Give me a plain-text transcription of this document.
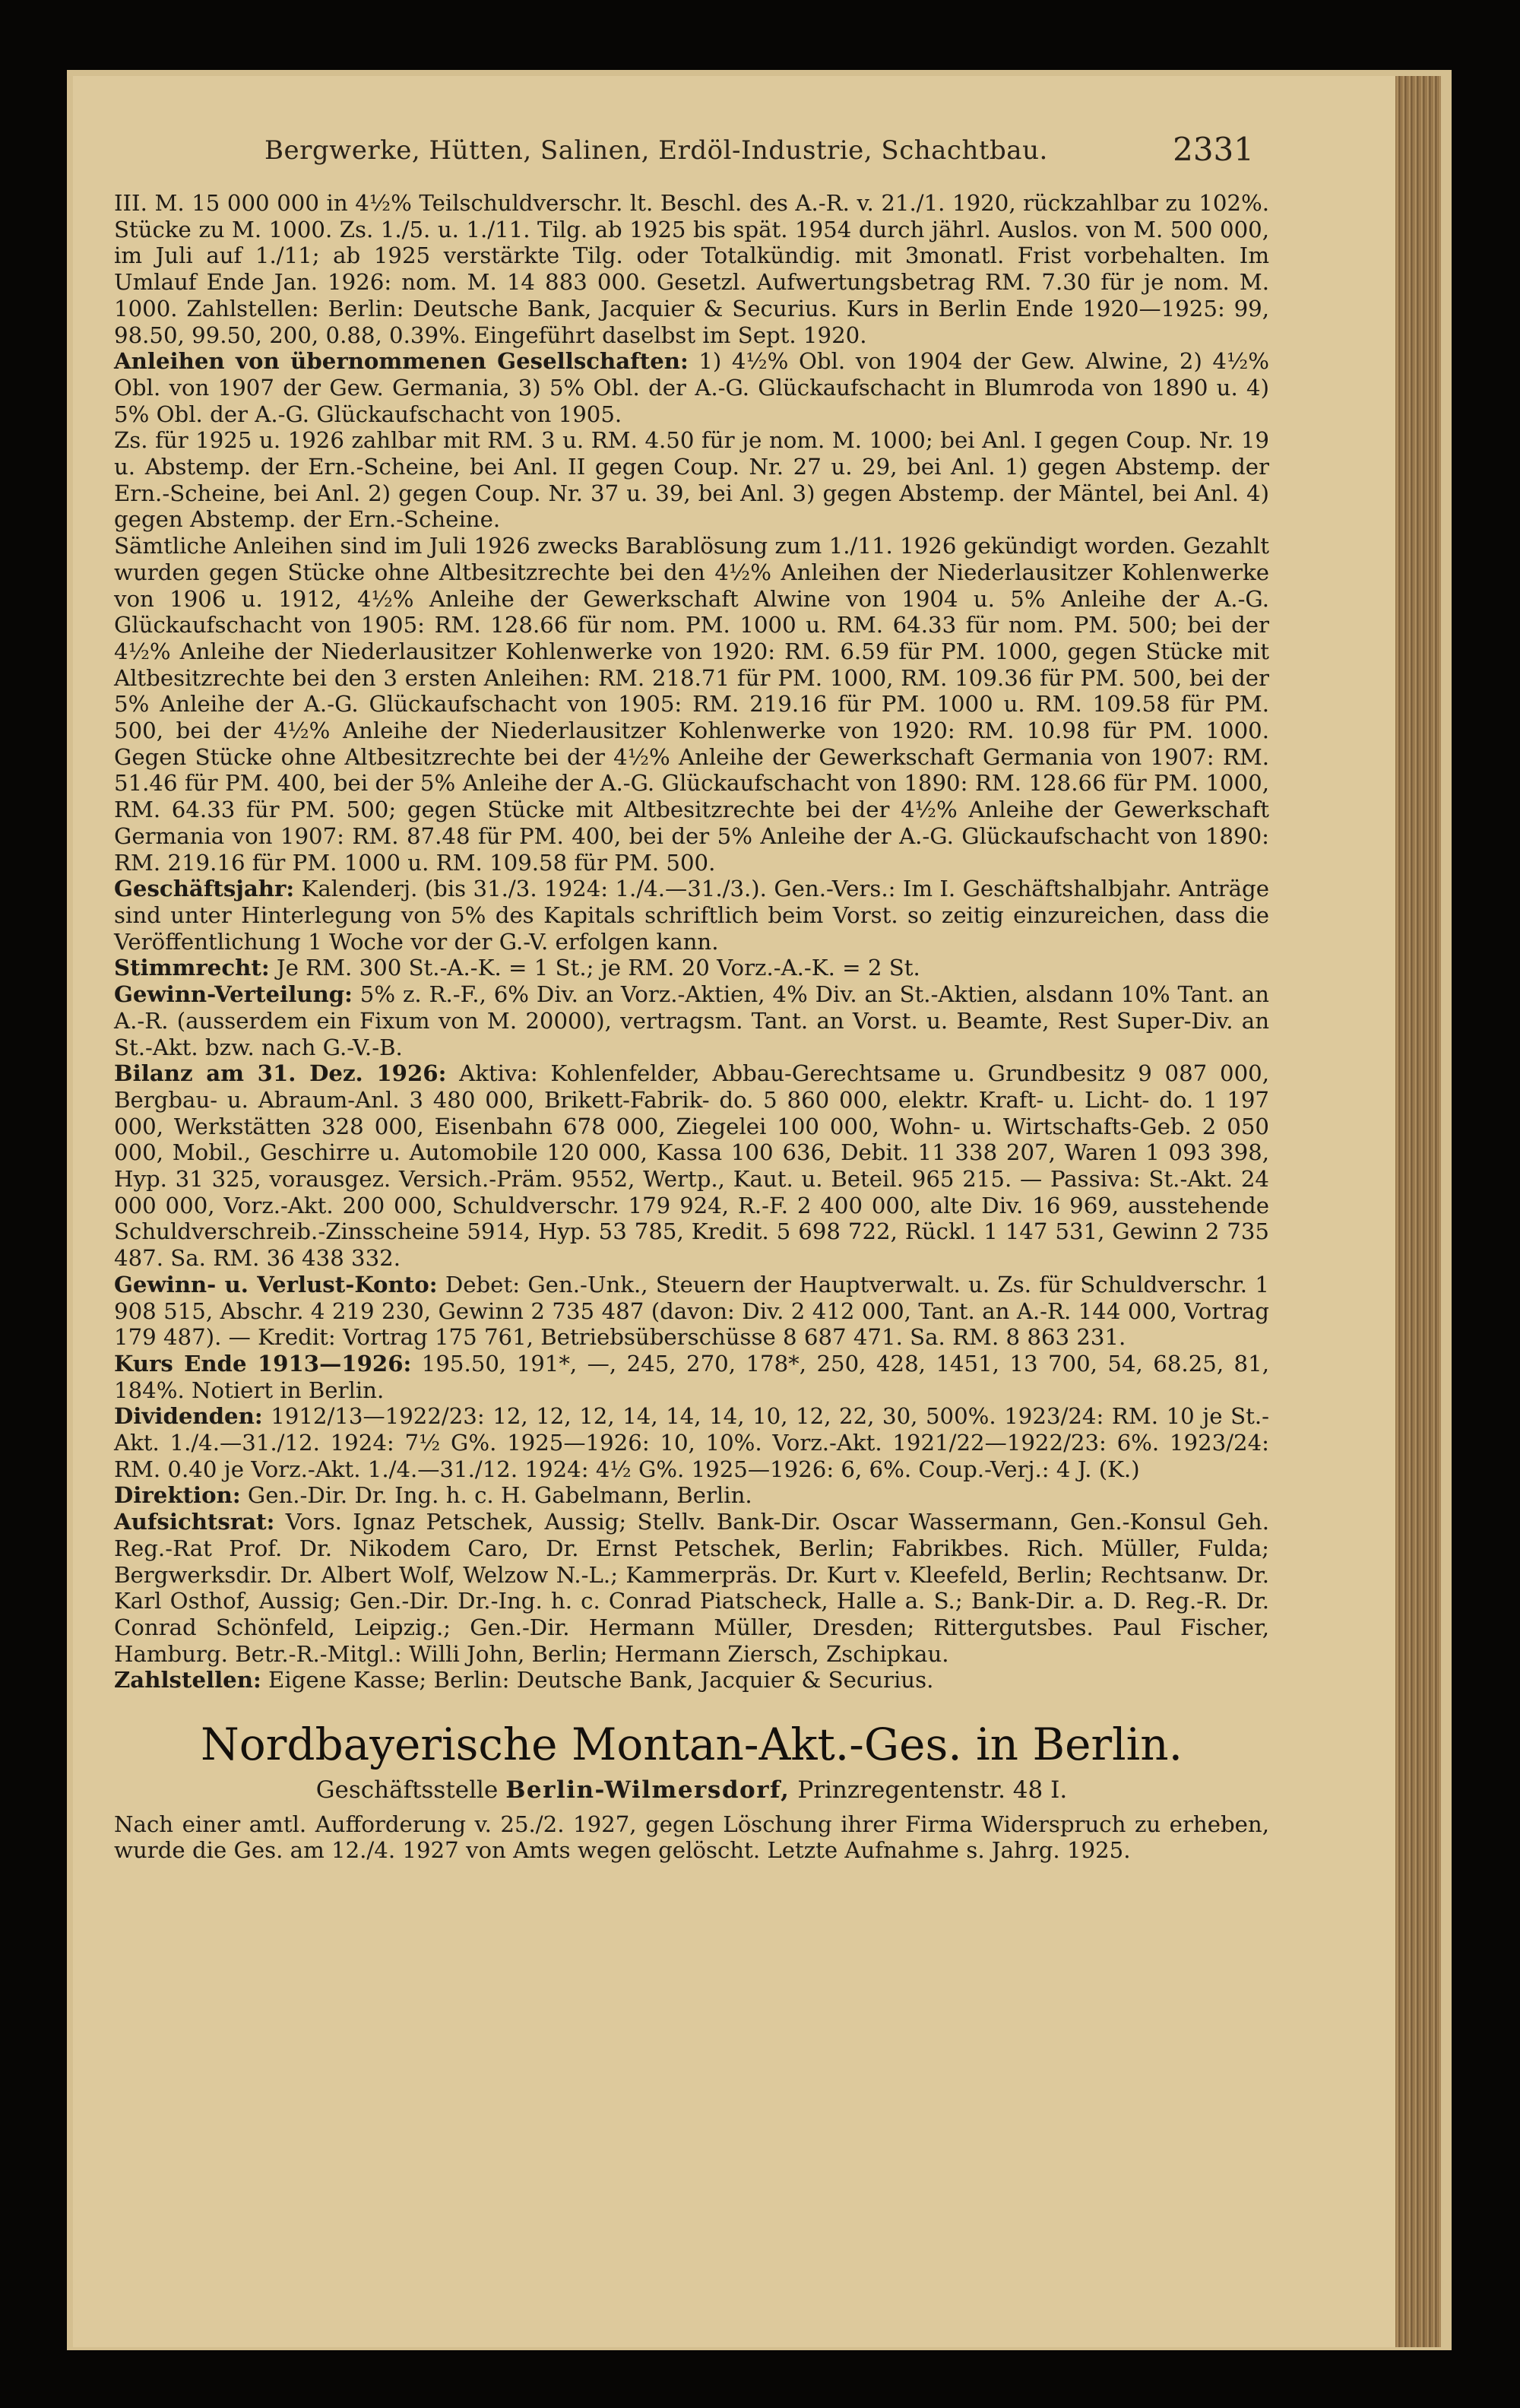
Bergwerke, Hütten, Salinen, Erdöl-Industrie, Schachtbau.	2331

III. M. 15 000 000 in 4½% Teilschuldverschr. lt. Beschl. des A.-R. v. 21./1. 1920, rückzahlbar zu 102%. Stücke zu M. 1000. Zs. 1./5. u. 1./11. Tilg. ab 1925 bis spät. 1954 durch jährl. Auslos. von M. 500 000, im Juli auf 1./11; ab 1925 verstärkte Tilg. oder Totalkündig. mit 3monatl. Frist vorbehalten. Im Umlauf Ende Jan. 1926: nom. M. 14 883 000. Gesetzl. Aufwertungsbetrag RM. 7.30 für je nom. M. 1000. Zahlstellen: Berlin: Deutsche Bank, Jacquier & Securius. Kurs in Berlin Ende 1920—1925: 99, 98.50, 99.50, 200, 0.88, 0.39%. Eingeführt daselbst im Sept. 1920.

Anleihen von übernommenen Gesellschaften: 1) 4½% Obl. von 1904 der Gew. Alwine, 2) 4½% Obl. von 1907 der Gew. Germania, 3) 5% Obl. der A.-G. Glückaufschacht in Blumroda von 1890 u. 4) 5% Obl. der A.-G. Glückaufschacht von 1905.

Zs. für 1925 u. 1926 zahlbar mit RM. 3 u. RM. 4.50 für je nom. M. 1000; bei Anl. I gegen Coup. Nr. 19 u. Abstemp. der Ern.-Scheine, bei Anl. II gegen Coup. Nr. 27 u. 29, bei Anl. 1) gegen Abstemp. der Ern.-Scheine, bei Anl. 2) gegen Coup. Nr. 37 u. 39, bei Anl. 3) gegen Abstemp. der Mäntel, bei Anl. 4) gegen Abstemp. der Ern.-Scheine.

Sämtliche Anleihen sind im Juli 1926 zwecks Barablösung zum 1./11. 1926 gekündigt worden. Gezahlt wurden gegen Stücke ohne Altbesitzrechte bei den 4½% Anleihen der Niederlausitzer Kohlenwerke von 1906 u. 1912, 4½% Anleihe der Gewerkschaft Alwine von 1904 u. 5% Anleihe der A.-G. Glückaufschacht von 1905: RM. 128.66 für nom. PM. 1000 u. RM. 64.33 für nom. PM. 500; bei der 4½% Anleihe der Niederlausitzer Kohlenwerke von 1920: RM. 6.59 für PM. 1000, gegen Stücke mit Altbesitzrechte bei den 3 ersten Anleihen: RM. 218.71 für PM. 1000, RM. 109.36 für PM. 500, bei der 5% Anleihe der A.-G. Glückaufschacht von 1905: RM. 219.16 für PM. 1000 u. RM. 109.58 für PM. 500, bei der 4½% Anleihe der Niederlausitzer Kohlenwerke von 1920: RM. 10.98 für PM. 1000. Gegen Stücke ohne Altbesitzrechte bei der 4½% Anleihe der Gewerkschaft Germania von 1907: RM. 51.46 für PM. 400, bei der 5% Anleihe der A.-G. Glückaufschacht von 1890: RM. 128.66 für PM. 1000, RM. 64.33 für PM. 500; gegen Stücke mit Altbesitzrechte bei der 4½% Anleihe der Gewerkschaft Germania von 1907: RM. 87.48 für PM. 400, bei der 5% Anleihe der A.-G. Glückaufschacht von 1890: RM. 219.16 für PM. 1000 u. RM. 109.58 für PM. 500.

Geschäftsjahr: Kalenderj. (bis 31./3. 1924: 1./4.—31./3.). Gen.-Vers.: Im I. Geschäftshalbjahr. Anträge sind unter Hinterlegung von 5% des Kapitals schriftlich beim Vorst. so zeitig einzureichen, dass die Veröffentlichung 1 Woche vor der G.-V. erfolgen kann.

Stimmrecht: Je RM. 300 St.-A.-K. = 1 St.; je RM. 20 Vorz.-A.-K. = 2 St.

Gewinn-Verteilung: 5% z. R.-F., 6% Div. an Vorz.-Aktien, 4% Div. an St.-Aktien, alsdann 10% Tant. an A.-R. (ausserdem ein Fixum von M. 20000), vertragsm. Tant. an Vorst. u. Beamte, Rest Super-Div. an St.-Akt. bzw. nach G.-V.-B.

Bilanz am 31. Dez. 1926: Aktiva: Kohlenfelder, Abbau-Gerechtsame u. Grundbesitz 9 087 000, Bergbau- u. Abraum-Anl. 3 480 000, Brikett-Fabrik- do. 5 860 000, elektr. Kraft- u. Licht- do. 1 197 000, Werkstätten 328 000, Eisenbahn 678 000, Ziegelei 100 000, Wohn- u. Wirtschafts-Geb. 2 050 000, Mobil., Geschirre u. Automobile 120 000, Kassa 100 636, Debit. 11 338 207, Waren 1 093 398, Hyp. 31 325, vorausgez. Versich.-Präm. 9552, Wertp., Kaut. u. Beteil. 965 215. — Passiva: St.-Akt. 24 000 000, Vorz.-Akt. 200 000, Schuldverschr. 179 924, R.-F. 2 400 000, alte Div. 16 969, ausstehende Schuldverschreib.-Zinsscheine 5914, Hyp. 53 785, Kredit. 5 698 722, Rückl. 1 147 531, Gewinn 2 735 487. Sa. RM. 36 438 332.

Gewinn- u. Verlust-Konto: Debet: Gen.-Unk., Steuern der Hauptverwalt. u. Zs. für Schuldverschr. 1 908 515, Abschr. 4 219 230, Gewinn 2 735 487 (davon: Div. 2 412 000, Tant. an A.-R. 144 000, Vortrag 179 487). — Kredit: Vortrag 175 761, Betriebsüberschüsse 8 687 471. Sa. RM. 8 863 231.

Kurs Ende 1913—1926: 195.50, 191*, —, 245, 270, 178*, 250, 428, 1451, 13 700, 54, 68.25, 81, 184%. Notiert in Berlin.

Dividenden: 1912/13—1922/23: 12, 12, 12, 14, 14, 14, 10, 12, 22, 30, 500%. 1923/24: RM. 10 je St.-Akt. 1./4.—31./12. 1924: 7½ G%. 1925—1926: 10, 10%. Vorz.-Akt. 1921/22—1922/23: 6%. 1923/24: RM. 0.40 je Vorz.-Akt. 1./4.—31./12. 1924: 4½ G%. 1925—1926: 6, 6%. Coup.-Verj.: 4 J. (K.)

Direktion: Gen.-Dir. Dr. Ing. h. c. H. Gabelmann, Berlin.

Aufsichtsrat: Vors. Ignaz Petschek, Aussig; Stellv. Bank-Dir. Oscar Wassermann, Gen.-Konsul Geh. Reg.-Rat Prof. Dr. Nikodem Caro, Dr. Ernst Petschek, Berlin; Fabrikbes. Rich. Müller, Fulda; Bergwerksdir. Dr. Albert Wolf, Welzow N.-L.; Kammerpräs. Dr. Kurt v. Kleefeld, Berlin; Rechtsanw. Dr. Karl Osthof, Aussig; Gen.-Dir. Dr.-Ing. h. c. Conrad Piatscheck, Halle a. S.; Bank-Dir. a. D. Reg.-R. Dr. Conrad Schönfeld, Leipzig.; Gen.-Dir. Hermann Müller, Dresden; Rittergutsbes. Paul Fischer, Hamburg. Betr.-R.-Mitgl.: Willi John, Berlin; Hermann Ziersch, Zschipkau.

Zahlstellen: Eigene Kasse; Berlin: Deutsche Bank, Jacquier & Securius.

Nordbayerische Montan-Akt.-Ges. in Berlin.
Geschäftsstelle Berlin-Wilmersdorf, Prinzregentenstr. 48 I.

Nach einer amtl. Aufforderung v. 25./2. 1927, gegen Löschung ihrer Firma Widerspruch zu erheben, wurde die Ges. am 12./4. 1927 von Amts wegen gelöscht. Letzte Aufnahme s. Jahrg. 1925.
